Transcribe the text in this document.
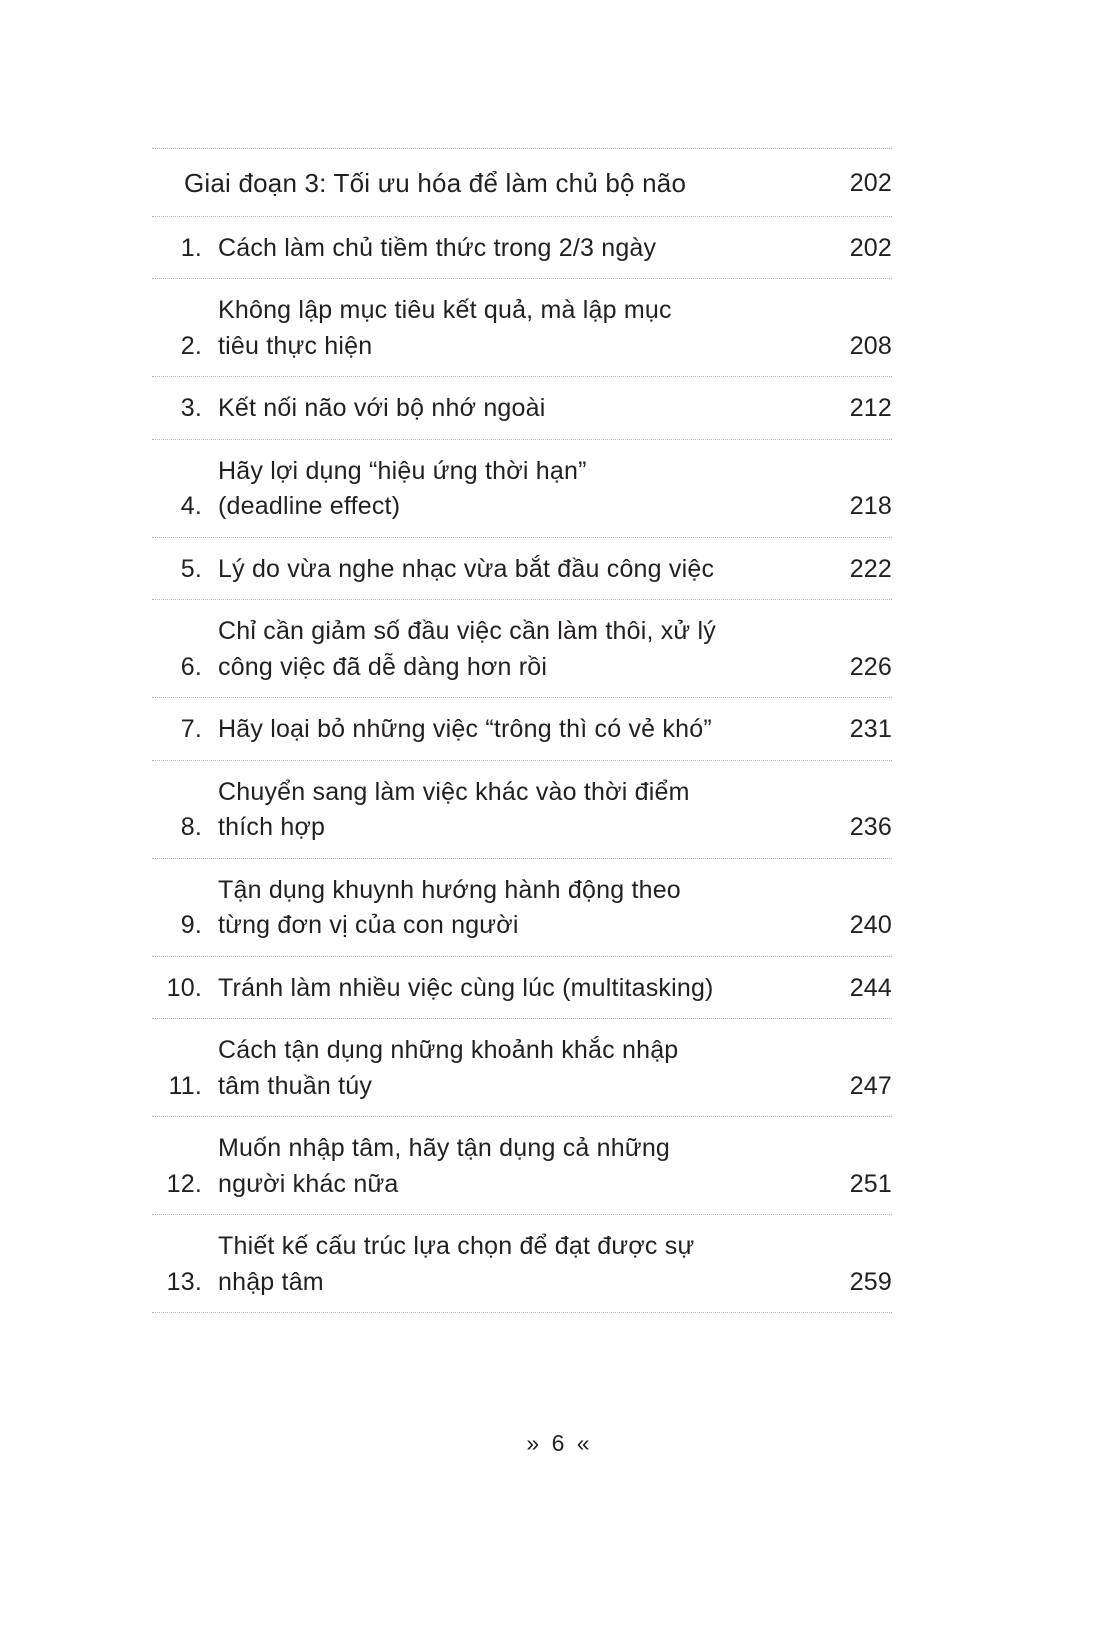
Giai đoạn 3: Tối ưu hóa để làm chủ bộ não	202
1. Cách làm chủ tiềm thức trong 2/3 ngày	202
2.
Không lập mục tiêu kết quả, mà lập mục
tiêu thực hiện	208
3. Kết nối não với bộ nhớ ngoài	212
4.
Hãy lợi dụng “hiệu ứng thời hạn”
(deadline effect)	218
5. Lý do vừa nghe nhạc vừa bắt đầu công việc	222
6.
Chỉ cần giảm số đầu việc cần làm thôi, xử lý
công việc đã dễ dàng hơn rồi	226
7. Hãy loại bỏ những việc “trông thì có vẻ khó”	231
8.
Chuyển sang làm việc khác vào thời điểm
thích hợp	236
9.
Tận dụng khuynh hướng hành động theo
từng đơn vị của con người	240
10. Tránh làm nhiều việc cùng lúc (multitasking)	244
11.
Cách tận dụng những khoảnh khắc nhập
tâm thuần túy	247
12.
Muốn nhập tâm, hãy tận dụng cả những
người khác nữa	251
13.
Thiết kế cấu trúc lựa chọn để đạt được sự
nhập tâm	259
» 6 «
